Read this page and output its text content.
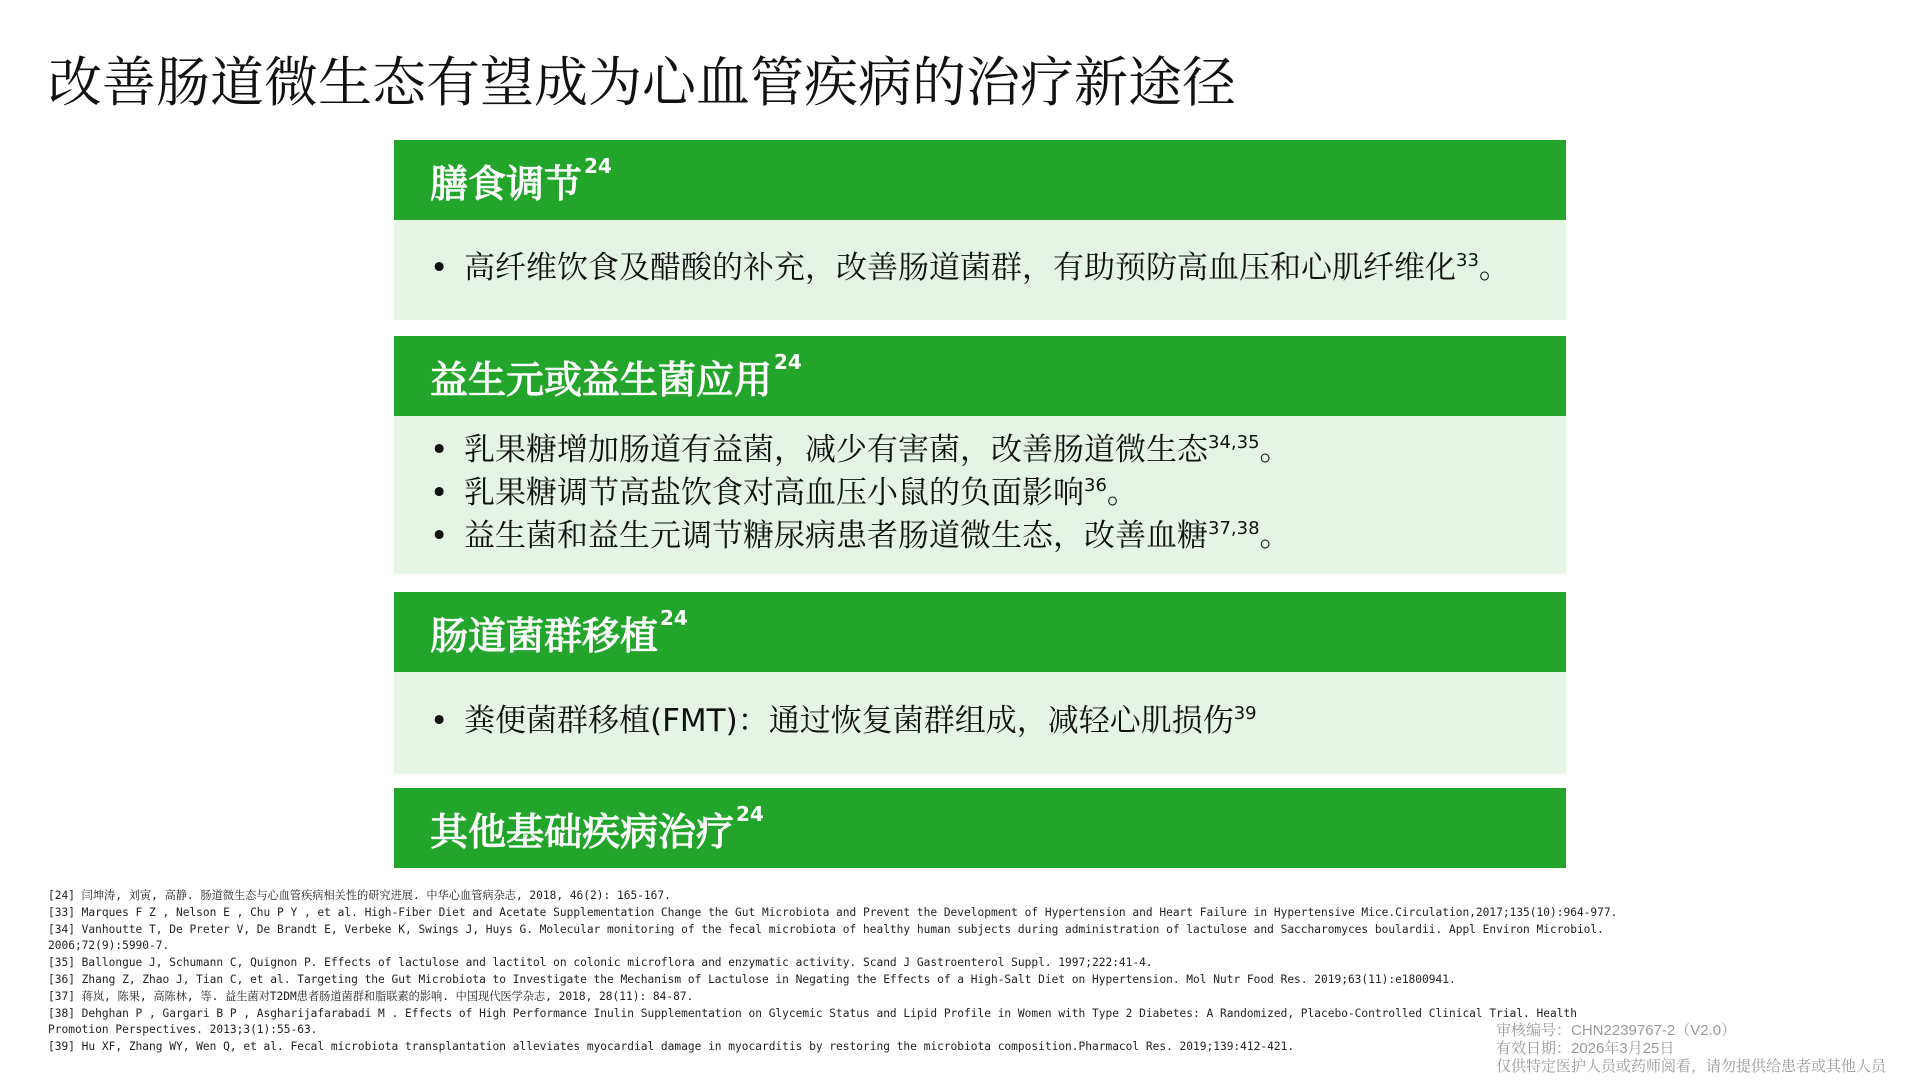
改善肠道微生态有望成为心血管疾病的治疗新途径
膳食调节$^{24}$
• 高纤维饮食及醋酸的补充，改善肠道菌群，有助预防高血压和心肌纤维化$^{33}$。
益生元或益生菌应用$^{24}$
• 乳果糖增加肠道有益菌，减少有害菌，改善肠道微生态$^{34,35}$。
• 乳果糖调节高盐饮食对高血压小鼠的负面影响$^{36}$。
• 益生菌和益生元调节糖尿病患者肠道微生态，改善血糖$^{37,38}$。
肠道菌群移植$^{24}$
• 粪便菌群移植(FMT)：通过恢复菌群组成，减轻心肌损伤$^{39}$
其他基础疾病治疗$^{24}$
[24] 闫坤涛, 刘寅, 高静. 肠道微生态与心血管疾病相关性的研究进展. 中华心血管病杂志, 2018, 46(2): 165-167.
[33] Marques F Z , Nelson E , Chu P Y , et al. High-Fiber Diet and Acetate Supplementation Change the Gut Microbiota and Prevent the Development of Hypertension and Heart Failure in Hypertensive Mice.Circulation,2017;135(10):964-977.
[34] Vanhoutte T, De Preter V, De Brandt E, Verbeke K, Swings J, Huys G. Molecular monitoring of the fecal microbiota of healthy human subjects during administration of lactulose and Saccharomyces boulardii. Appl Environ Microbiol.
2006;72(9):5990-7.
[35] Ballongue J, Schumann C, Quignon P. Effects of lactulose and lactitol on colonic microflora and enzymatic activity. Scand J Gastroenterol Suppl. 1997;222:41-4.
[36] Zhang Z, Zhao J, Tian C, et al. Targeting the Gut Microbiota to Investigate the Mechanism of Lactulose in Negating the Effects of a High-Salt Diet on Hypertension. Mol Nutr Food Res. 2019;63(11):e1800941.
[37] 蒋岚, 陈果, 高陈林, 等. 益生菌对T2DM患者肠道菌群和脂联素的影响. 中国现代医学杂志, 2018, 28(11): 84-87.
[38] Dehghan P , Gargari B P , Asgharijafarabadi M . Effects of High Performance Inulin Supplementation on Glycemic Status and Lipid Profile in Women with Type 2 Diabetes: A Randomized, Placebo-Controlled Clinical Trial. Health
Promotion Perspectives. 2013;3(1):55-63.
[39] Hu XF, Zhang WY, Wen Q, et al. Fecal microbiota transplantation alleviates myocardial damage in myocarditis by restoring the microbiota composition.Pharmacol Res. 2019;139:412-421.
审核编号：CHN2239767-2（V2.0）
有效日期：2026年3月25日
仅供特定医护人员或药师阅看，请勿提供给患者或其他人员
